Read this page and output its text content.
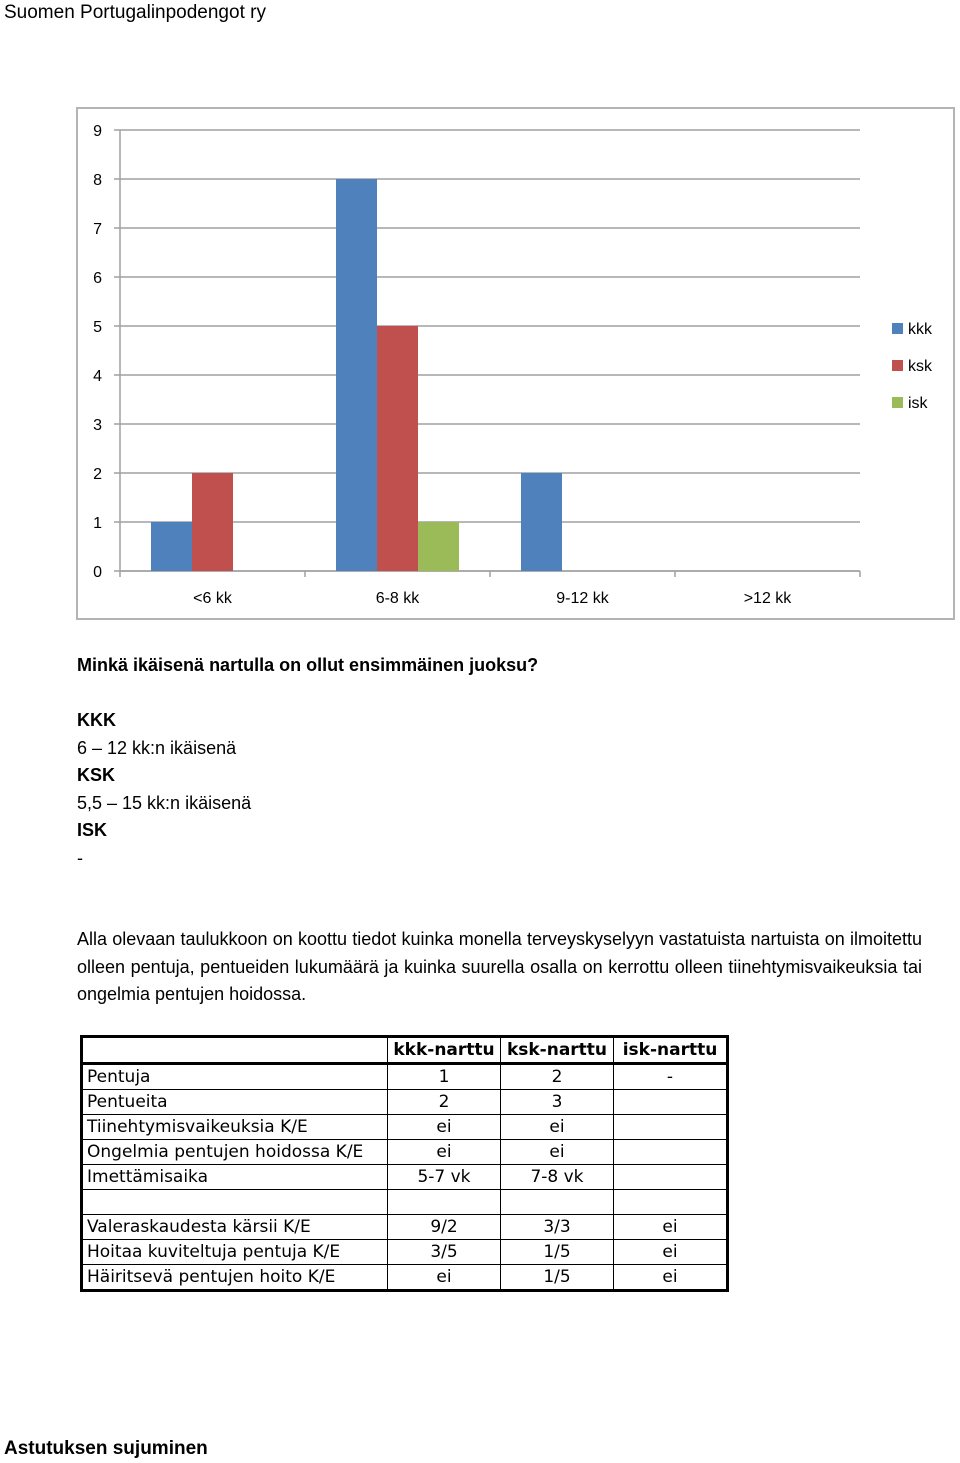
Suomen Portugalinpodengot ry
0
1
2
3
4
5
6
7
8
9
<6 kk	6-8 kk	9-12 kk	>12 kk
kkk
ksk
isk
Minkä ikäisenä nartulla on ollut ensimmäinen juoksu?
KKK
6 – 12 kk:n ikäisenä
KSK
5,5 – 15 kk:n ikäisenä
ISK
-
Alla olevaan taulukkoon on koottu tiedot kuinka monella terveyskyselyyn vastatuista nartuista on ilmoitettu olleen pentuja, pentueiden lukumäärä ja kuinka suurella osalla on kerrottu olleen tiinehtymisvaikeuksia tai ongelmia pentujen hoidossa.
	kkk-narttu	ksk-narttu	isk-narttu
Pentuja	1	2	-
Pentueita	2	3	
Tiinehtymisvaikeuksia K/E	ei	ei	
Ongelmia pentujen hoidossa K/E	ei	ei	
Imettämisaika	5-7 vk	7-8 vk	

Valeraskaudesta kärsii K/E	9/2	3/3	ei
Hoitaa kuviteltuja pentuja K/E	3/5	1/5	ei
Häiritsevä pentujen hoito K/E	ei	1/5	ei
Astutuksen sujuminen
